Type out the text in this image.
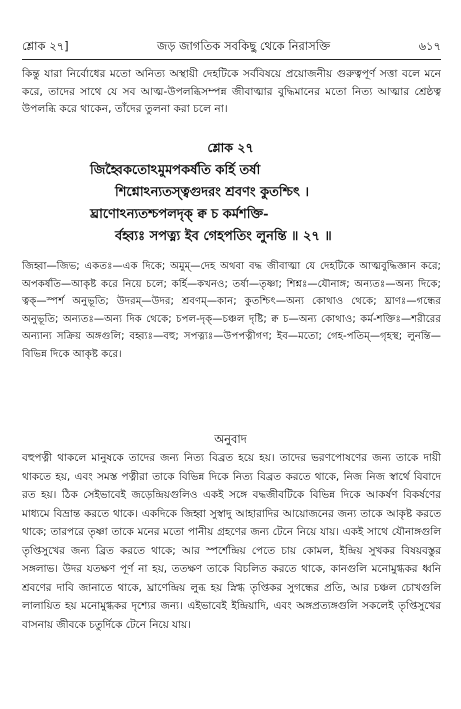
শ্লোক ২৭]	জড় জাগতিক সবকিছু থেকে নিরাসক্তি	৬১৭
কিন্তু যারা নির্বোধের মতো অনিত্য অস্থায়ী দেহটিকে সর্ববিষয়ে প্রয়োজনীয় গুরুত্বপূর্ণ সত্তা বলে মনে করে, তাদের সাথে যে সব আত্ম-উপলব্ধিসম্পন্ন জীবাত্মার বুদ্ধিমানের মতো নিত্য আত্মার শ্রেষ্ঠত্ব উপলব্ধি করে থাকেন, তাঁদের তুলনা করা চলে না।
শ্লোক ২৭
জিহ্বৈকতোঽমুমপকর্ষতি কর্হি তর্ষা
শিশ্নোঽন্যতস্ত্বগুদরং শ্রবণং কুতশ্চিৎ ।
ঘ্রাণোঽন্যতশ্চপলদৃক্ ক্ব চ কর্মশক্তি-
র্বহ্ব্যঃ সপত্ন্য ইব গেহপতিং লুনন্তি ॥ ২৭ ॥
জিহ্বা—জিভ; একতঃ—এক দিকে; অমুম্—দেহ অথবা বদ্ধ জীবাত্মা যে দেহটিকে আত্মবুদ্ধিজ্ঞান করে; অপকর্ষতি—আকৃষ্ট করে নিয়ে চলে; কর্হি—কখনও; তর্ষা—তৃষ্ণা; শিশ্নঃ—যৌনাঙ্গ; অন্যতঃ—অন্য দিকে; ত্বক্—স্পর্শ অনুভূতি; উদরম্—উদর; শ্রবণম্—কান; কুতশ্চিৎ—অন্য কোথাও থেকে; ঘ্রাণঃ—গন্ধের অনুভূতি; অন্যতঃ—অন্য দিক থেকে; চপল-দৃক্—চঞ্চল দৃষ্টি; ক্ব চ—অন্য কোথাও; কর্ম-শক্তিঃ—শরীরের অন্যান্য সক্রিয় অঙ্গগুলি; বহ্ব্যঃ—বহু; সপত্ন্যঃ—উপপত্নীগণ; ইব—মতো; গেহ-পতিম্—গৃহস্থ; লুনন্তি—বিভিন্ন দিকে আকৃষ্ট করে।
অনুবাদ
বহুপত্নী থাকলে মানুষকে তাদের জন্য নিত্য বিব্রত হয়ে হয়। তাদের ভরণপোষণের জন্য তাকে দায়ী থাকতে হয়, এবং সমস্ত পত্নীরা তাকে বিভিন্ন দিকে নিত্য বিব্রত করতে থাকে, নিজ নিজ স্বার্থে বিবাদে রত হয়। ঠিক সেইভাবেই জড়েন্দ্রিয়গুলিও একই সঙ্গে বদ্ধজীবটিকে বিভিন্ন দিকে আকর্ষণ বিকর্ষণের মাধ্যমে বিভ্রান্ত করতে থাকে। একদিকে জিহ্বা সুস্বাদু আহারাদির আয়োজনের জন্য তাকে আকৃষ্ট করতে থাকে; তারপরে তৃষ্ণা তাকে মনের মতো পানীয় গ্রহণের জন্য টেনে নিয়ে যায়। একই সাথে যৌনাঙ্গগুলি তৃপ্তিসুখের জন্য ব্রিত করতে থাকে; আর স্পর্শেন্দ্রিয় পেতে চায় কোমল, ইন্দ্রিয় সুখকর বিষয়বস্তুর সঙ্গলাভ। উদর যতক্ষণ পূর্ণ না হয়, ততক্ষণ তাকে বিচলিত করতে থাকে, কানগুলি মনোমুগ্ধকর ধ্বনি শ্রবণের দাবি জানাতে থাকে, ঘ্রাণেন্দ্রিয় লুব্ধ হয় স্নিগ্ধ তৃপ্তিকর সুগন্ধের প্রতি, আর চঞ্চল চোখগুলি লালায়িত হয় মনোমুগ্ধকর দৃশ্যের জন্য। এইভাবেই ইন্দ্রিয়াদি, এবং অঙ্গপ্রত্যঙ্গগুলি সকলেই তৃপ্তিসুখের বাসনায় জীবকে চতুর্দিকে টেনে নিয়ে যায়।
